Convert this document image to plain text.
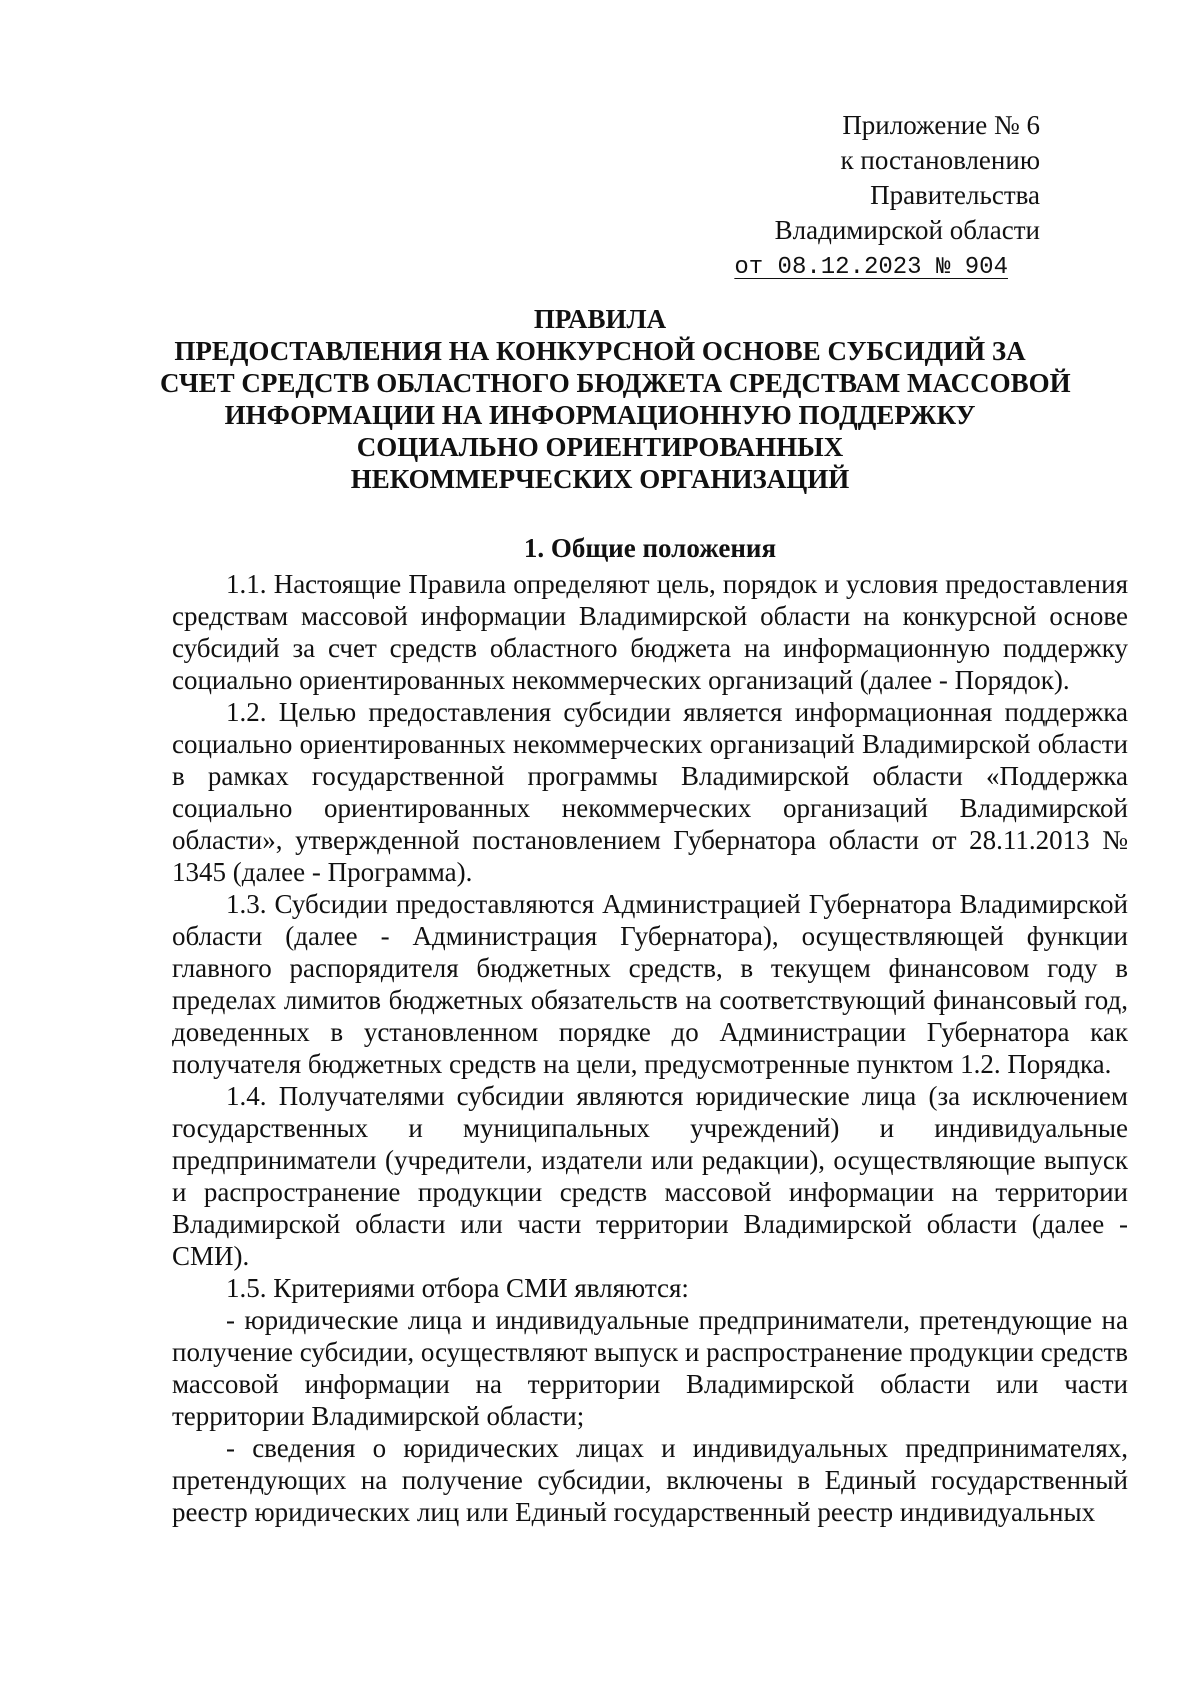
Приложение № 6
к постановлению
Правительства
Владимирской области
от 08.12.2023 № 904
ПРАВИЛА
ПРЕДОСТАВЛЕНИЯ НА КОНКУРСНОЙ ОСНОВЕ СУБСИДИЙ ЗА
СЧЕТ СРЕДСТВ ОБЛАСТНОГО БЮДЖЕТА СРЕДСТВАМ МАССОВОЙ
ИНФОРМАЦИИ НА ИНФОРМАЦИОННУЮ ПОДДЕРЖКУ
СОЦИАЛЬНО ОРИЕНТИРОВАННЫХ
НЕКОММЕРЧЕСКИХ ОРГАНИЗАЦИЙ
1. Общие положения

1.1. Настоящие Правила определяют цель, порядок и условия предоставления средствам массовой информации Владимирской области на конкурсной основе субсидий за счет средств областного бюджета на информационную поддержку социально ориентированных некоммерческих организаций (далее - Порядок).

1.2. Целью предоставления субсидии является информационная поддержка социально ориентированных некоммерческих организаций Владимирской области в рамках государственной программы Владимирской области «Поддержка социально ориентированных некоммерческих организаций Владимирской области», утвержденной постановлением Губернатора области от 28.11.2013 № 1345 (далее - Программа).

1.3. Субсидии предоставляются Администрацией Губернатора Владимирской области (далее - Администрация Губернатора), осуществляющей функции главного распорядителя бюджетных средств, в текущем финансовом году в пределах лимитов бюджетных обязательств на соответствующий финансовый год, доведенных в установленном порядке до Администрации Губернатора как получателя бюджетных средств на цели, предусмотренные пунктом 1.2. Порядка.

1.4. Получателями субсидии являются юридические лица (за исключением государственных и муниципальных учреждений) и индивидуальные предприниматели (учредители, издатели или редакции), осуществляющие выпуск и распространение продукции средств массовой информации на территории Владимирской области или части территории Владимирской области (далее - СМИ).

1.5. Критериями отбора СМИ являются:

- юридические лица и индивидуальные предприниматели, претендующие на получение субсидии, осуществляют выпуск и распространение продукции средств массовой информации на территории Владимирской области или части территории Владимирской области;

- сведения о юридических лицах и индивидуальных предпринимателях, претендующих на получение субсидии, включены в Единый государственный реестр юридических лиц или Единый государственный реестр индивидуальных
